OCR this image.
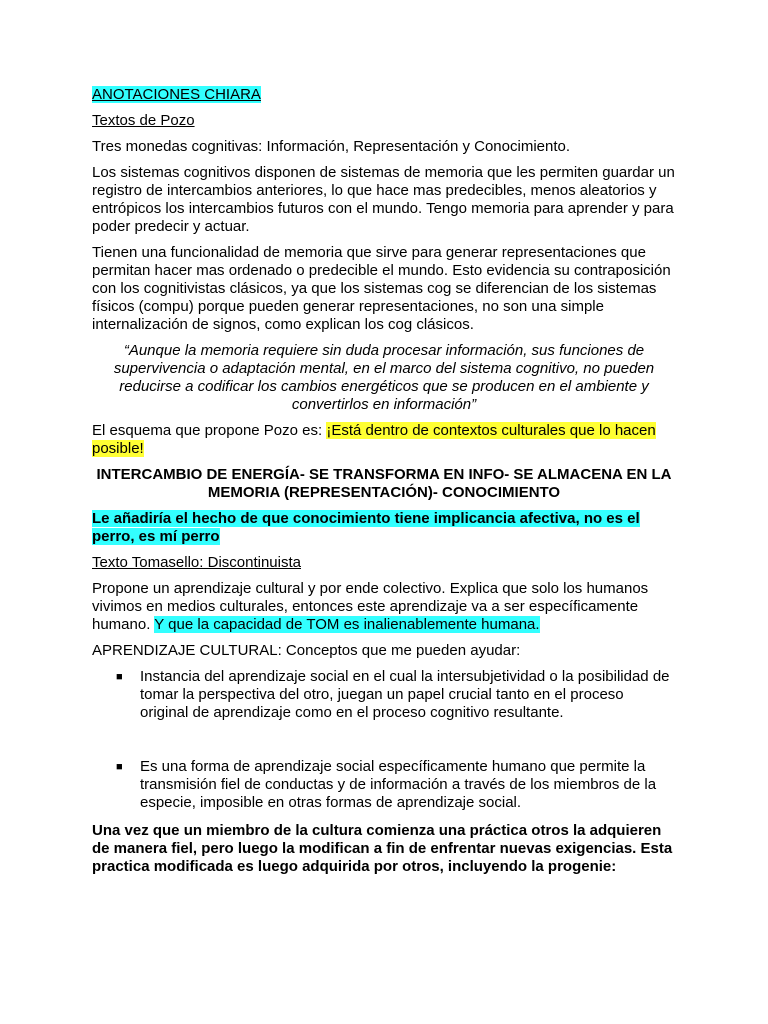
ANOTACIONES CHIARA

Textos de Pozo

Tres monedas cognitivas: Información, Representación y Conocimiento.

Los sistemas cognitivos disponen de sistemas de memoria que les permiten guardar un registro de intercambios anteriores, lo que hace mas predecibles, menos aleatorios y entrópicos los intercambios futuros con el mundo. Tengo memoria para aprender y para poder predecir y actuar.

Tienen una funcionalidad de memoria que sirve para generar representaciones que permitan hacer mas ordenado o predecible el mundo. Esto evidencia su contraposición con los cognitivistas clásicos, ya que los sistemas cog se diferencian de los sistemas físicos (compu) porque pueden generar representaciones, no son una simple internalización de signos, como explican los cog clásicos.

“Aunque la memoria requiere sin duda procesar información, sus funciones de supervivencia o adaptación mental, en el marco del sistema cognitivo, no pueden reducirse a codificar los cambios energéticos que se producen en el ambiente y convertirlos en información”

El esquema que propone Pozo es: ¡Está dentro de contextos culturales que lo hacen posible!

INTERCAMBIO DE ENERGÍA- SE TRANSFORMA EN INFO- SE ALMACENA EN LA MEMORIA (REPRESENTACIÓN)- CONOCIMIENTO

Le añadiría el hecho de que conocimiento tiene implicancia afectiva, no es el perro, es mí perro

Texto Tomasello: Discontinuista

Propone un aprendizaje cultural y por ende colectivo. Explica que solo los humanos vivimos en medios culturales, entonces este aprendizaje va a ser específicamente humano. Y que la capacidad de TOM es inalienablemente humana.

APRENDIZAJE CULTURAL: Conceptos que me pueden ayudar:

■ Instancia del aprendizaje social en el cual la intersubjetividad o la posibilidad de tomar la perspectiva del otro, juegan un papel crucial tanto en el proceso original de aprendizaje como en el proceso cognitivo resultante.
■ Es una forma de aprendizaje social específicamente humano que permite la transmisión fiel de conductas y de información a través de los miembros de la especie, imposible en otras formas de aprendizaje social.

Una vez que un miembro de la cultura comienza una práctica otros la adquieren de manera fiel, pero luego la modifican a fin de enfrentar nuevas exigencias. Esta practica modificada es luego adquirida por otros, incluyendo la progenie:
